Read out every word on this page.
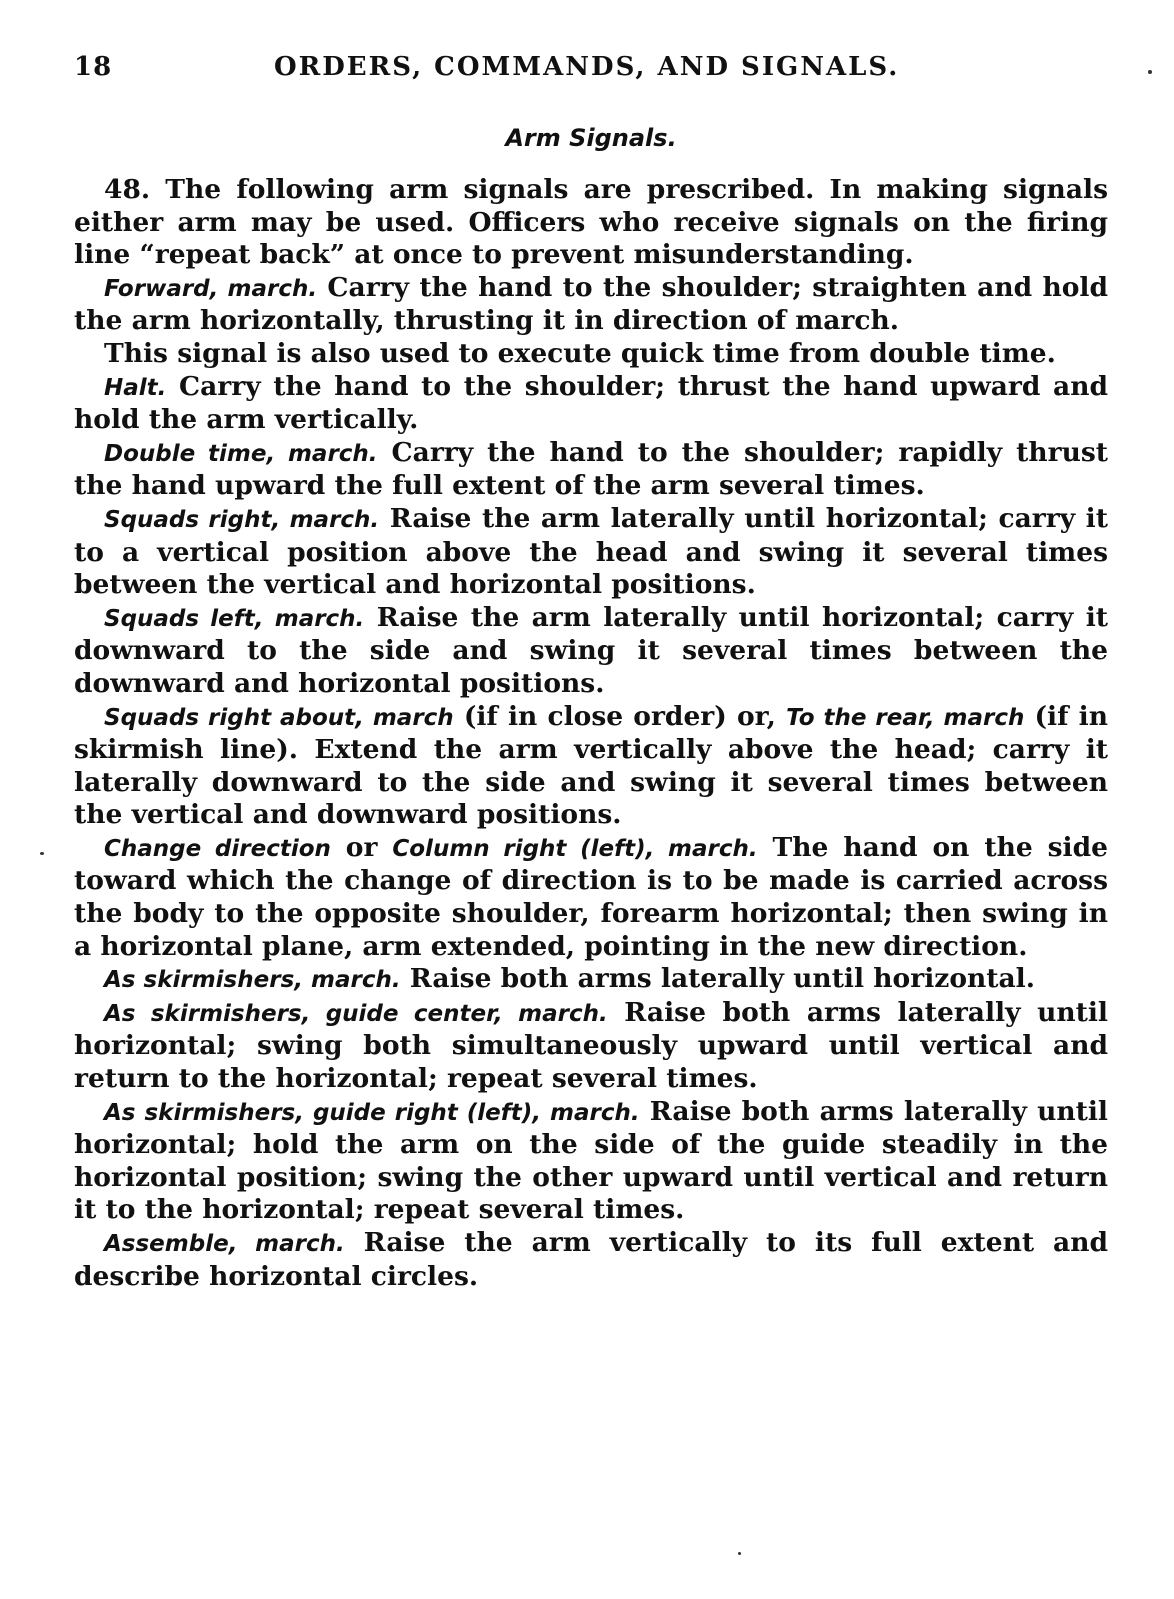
18	ORDERS, COMMANDS, AND SIGNALS.
Arm Signals.

48. The following arm signals are prescribed. In making signals either arm may be used. Officers who receive signals on the firing line “repeat back” at once to prevent misunderstanding.

Forward, march. Carry the hand to the shoulder; straighten and hold the arm horizontally, thrusting it in direction of march.

This signal is also used to execute quick time from double time.

Halt. Carry the hand to the shoulder; thrust the hand upward and hold the arm vertically.

Double time, march. Carry the hand to the shoulder; rapidly thrust the hand upward the full extent of the arm several times.

Squads right, march. Raise the arm laterally until horizontal; carry it to a vertical position above the head and swing it several times between the vertical and horizontal positions.

Squads left, march. Raise the arm laterally until horizontal; carry it downward to the side and swing it several times between the downward and horizontal positions.

Squads right about, march (if in close order) or, To the rear, march (if in skirmish line). Extend the arm vertically above the head; carry it laterally downward to the side and swing it several times between the vertical and downward positions.

Change direction or Column right (left), march. The hand on the side toward which the change of direction is to be made is carried across the body to the opposite shoulder, forearm horizontal; then swing in a horizontal plane, arm extended, pointing in the new direction.

As skirmishers, march. Raise both arms laterally until horizontal.

As skirmishers, guide center, march. Raise both arms laterally until horizontal; swing both simultaneously upward until vertical and return to the horizontal; repeat several times.

As skirmishers, guide right (left), march. Raise both arms laterally until horizontal; hold the arm on the side of the guide steadily in the horizontal position; swing the other upward until vertical and return it to the horizontal; repeat several times.

Assemble, march. Raise the arm vertically to its full extent and describe horizontal circles.
